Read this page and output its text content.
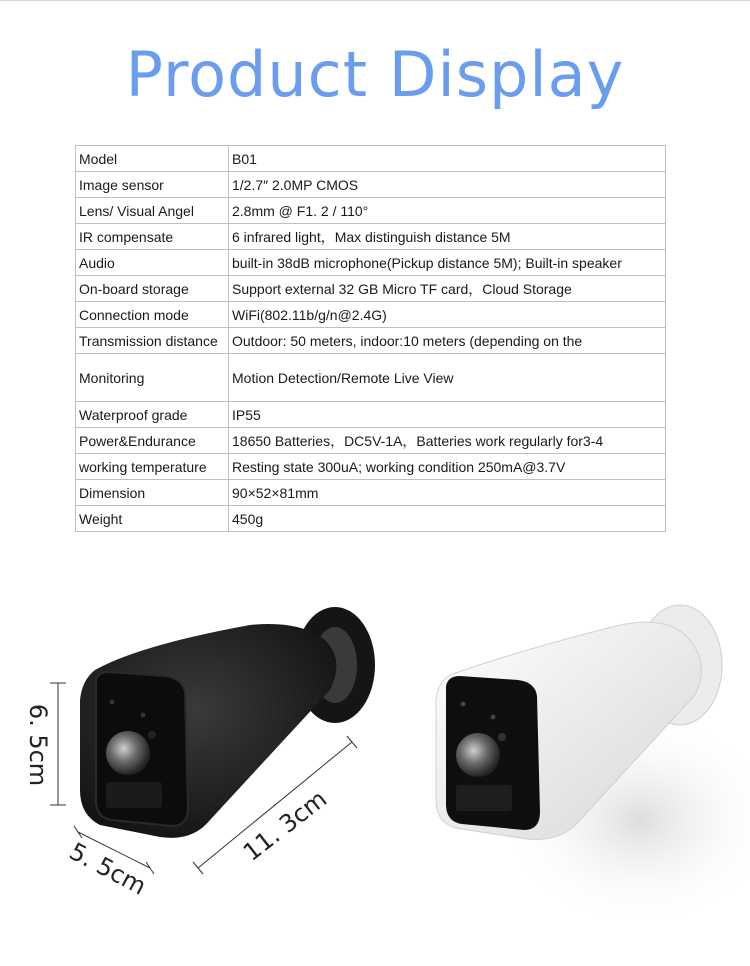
Product Display
Model	B01
Image sensor	1/2.7″ 2.0MP CMOS
Lens/ Visual Angel	2.8mm @ F1. 2 / 110°
IR compensate	6 infrared light，Max distinguish distance 5M
Audio	built-in 38dB microphone(Pickup distance 5M); Built-in speaker
On-board storage	Support external 32 GB Micro TF card，Cloud Storage
Connection mode	WiFi(802.11b/g/n@2.4G)
Transmission distance	Outdoor: 50 meters, indoor:10 meters (depending on the
Monitoring	Motion Detection/Remote Live View
Waterproof grade	IP55
Power&Endurance	18650 Batteries，DC5V-1A，Batteries work regularly for3-4
working temperature	Resting state 300uA; working condition 250mA@3.7V
Dimension	90×52×81mm
Weight	450g
6. 5cm
5. 5cm
11. 3cm
